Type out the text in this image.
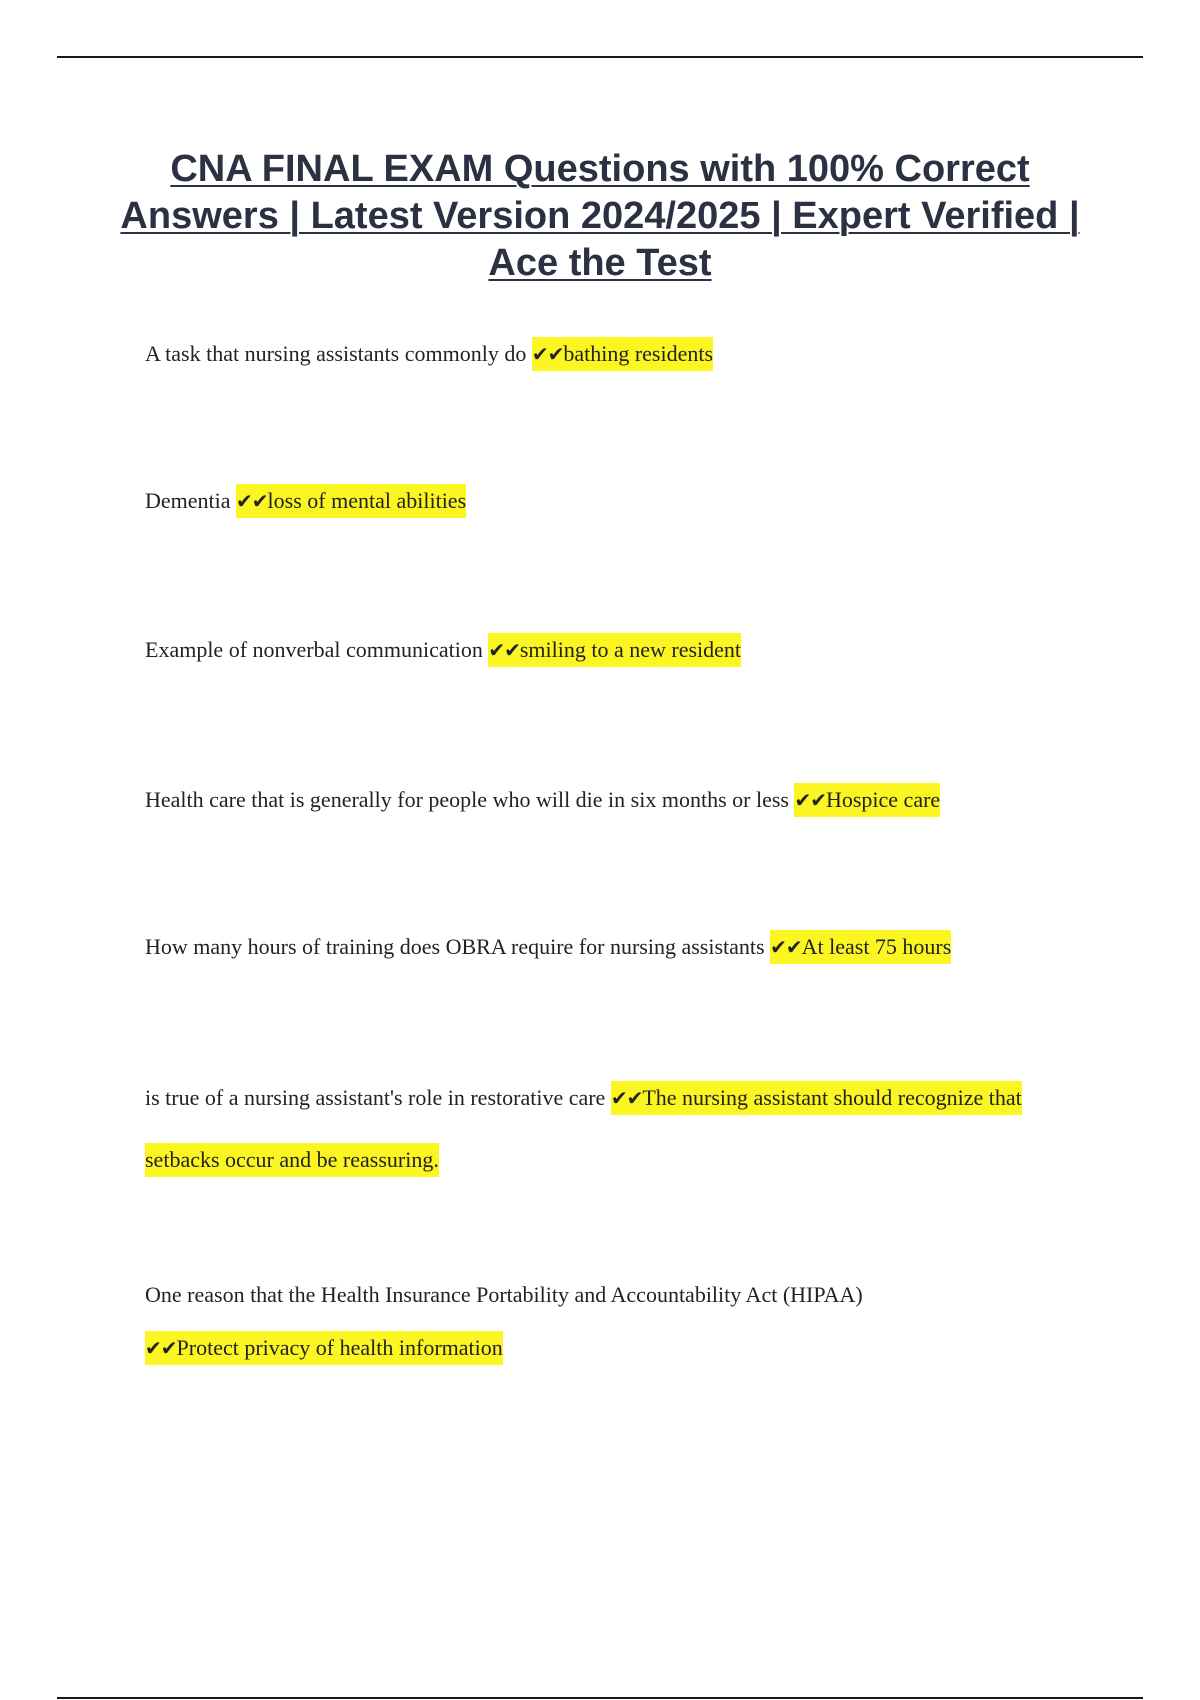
CNA FINAL EXAM Questions with 100% Correct Answers | Latest Version 2024/2025 | Expert Verified | Ace the Test
A task that nursing assistants commonly do ✔✔bathing residents
Dementia ✔✔loss of mental abilities
Example of nonverbal communication ✔✔smiling to a new resident
Health care that is generally for people who will die in six months or less ✔✔Hospice care
How many hours of training does OBRA require for nursing assistants ✔✔At least 75 hours
is true of a nursing assistant's role in restorative care ✔✔The nursing assistant should recognize that setbacks occur and be reassuring.
One reason that the Health Insurance Portability and Accountability Act (HIPAA)
✔✔Protect privacy of health information
